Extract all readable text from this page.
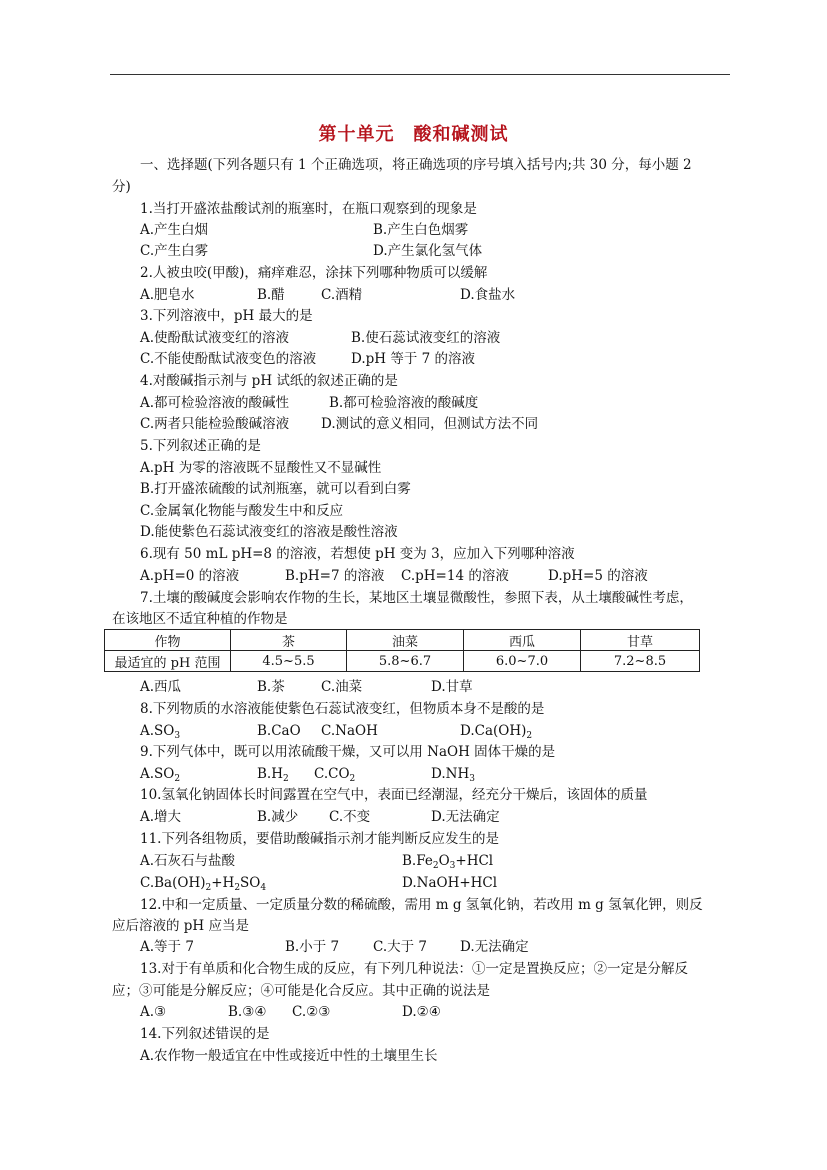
第十单元　酸和碱测试
一、选择题(下列各题只有 1 个正确选项，将正确选项的序号填入括号内;共 30 分，每小题 2
分)
1.当打开盛浓盐酸试剂的瓶塞时，在瓶口观察到的现象是
A.产生白烟	B.产生白色烟雾
C.产生白雾	D.产生氯化氢气体
2.人被虫咬(甲酸)，痛痒难忍，涂抹下列哪种物质可以缓解
A.肥皂水	B.醋	C.酒精	D.食盐水
3.下列溶液中，pH 最大的是
A.使酚酞试液变红的溶液	B.使石蕊试液变红的溶液
C.不能使酚酞试液变色的溶液	D.pH 等于 7 的溶液
4.对酸碱指示剂与 pH 试纸的叙述正确的是
A.都可检验溶液的酸碱性	B.都可检验溶液的酸碱度
C.两者只能检验酸碱溶液 D.测试的意义相同，但测试方法不同
5.下列叙述正确的是
A.pH 为零的溶液既不显酸性又不显碱性
B.打开盛浓硫酸的试剂瓶塞，就可以看到白雾
C.金属氧化物能与酸发生中和反应
D.能使紫色石蕊试液变红的溶液是酸性溶液
6.现有 50 mL pH=8 的溶液，若想使 pH 变为 3，应加入下列哪种溶液
A.pH=0 的溶液	B.pH=7 的溶液 C.pH=14 的溶液	D.pH=5 的溶液
7.土壤的酸碱度会影响农作物的生长，某地区土壤显微酸性，参照下表，从土壤酸碱性考虑，
在该地区不适宜种植的作物是
作物	茶	油菜	西瓜	甘草
最适宜的 pH 范围	4.5~5.5	5.8~6.7	6.0~7.0	7.2~8.5
A.西瓜	B.茶	C.油菜	D.甘草
8.下列物质的水溶液能使紫色石蕊试液变红，但物质本身不是酸的是
$A.SO_3$	B.CaO C.NaOH	$D.Ca(OH)_2$
9.下列气体中，既可以用浓硫酸干燥，又可以用 NaOH 固体干燥的是
$A.SO_2$	$B.H_2$ $C.CO_2$	$D.NH_3$
10.氢氧化钠固体长时间露置在空气中，表面已经潮湿，经充分干燥后，该固体的质量
A.增大	B.减少 C.不变	D.无法确定
11.下列各组物质，要借助酸碱指示剂才能判断反应发生的是
A.石灰石与盐酸	$B.Fe_2O_3+HCl$
$C.Ba(OH)_2+H_2SO_4$	D.NaOH+HCl
12.中和一定质量、一定质量分数的稀硫酸，需用 m g 氢氧化钠，若改用 m g 氢氧化钾，则反
应后溶液的 pH 应当是
A.等于 7	B.小于 7	C.大于 7 D.无法确定
13.对于有单质和化合物生成的反应，有下列几种说法：①一定是置换反应；②一定是分解反
应；③可能是分解反应；④可能是化合反应。其中正确的说法是
A.③	B.③④ C.②③	D.②④
14.下列叙述错误的是
A.农作物一般适宜在中性或接近中性的土壤里生长
